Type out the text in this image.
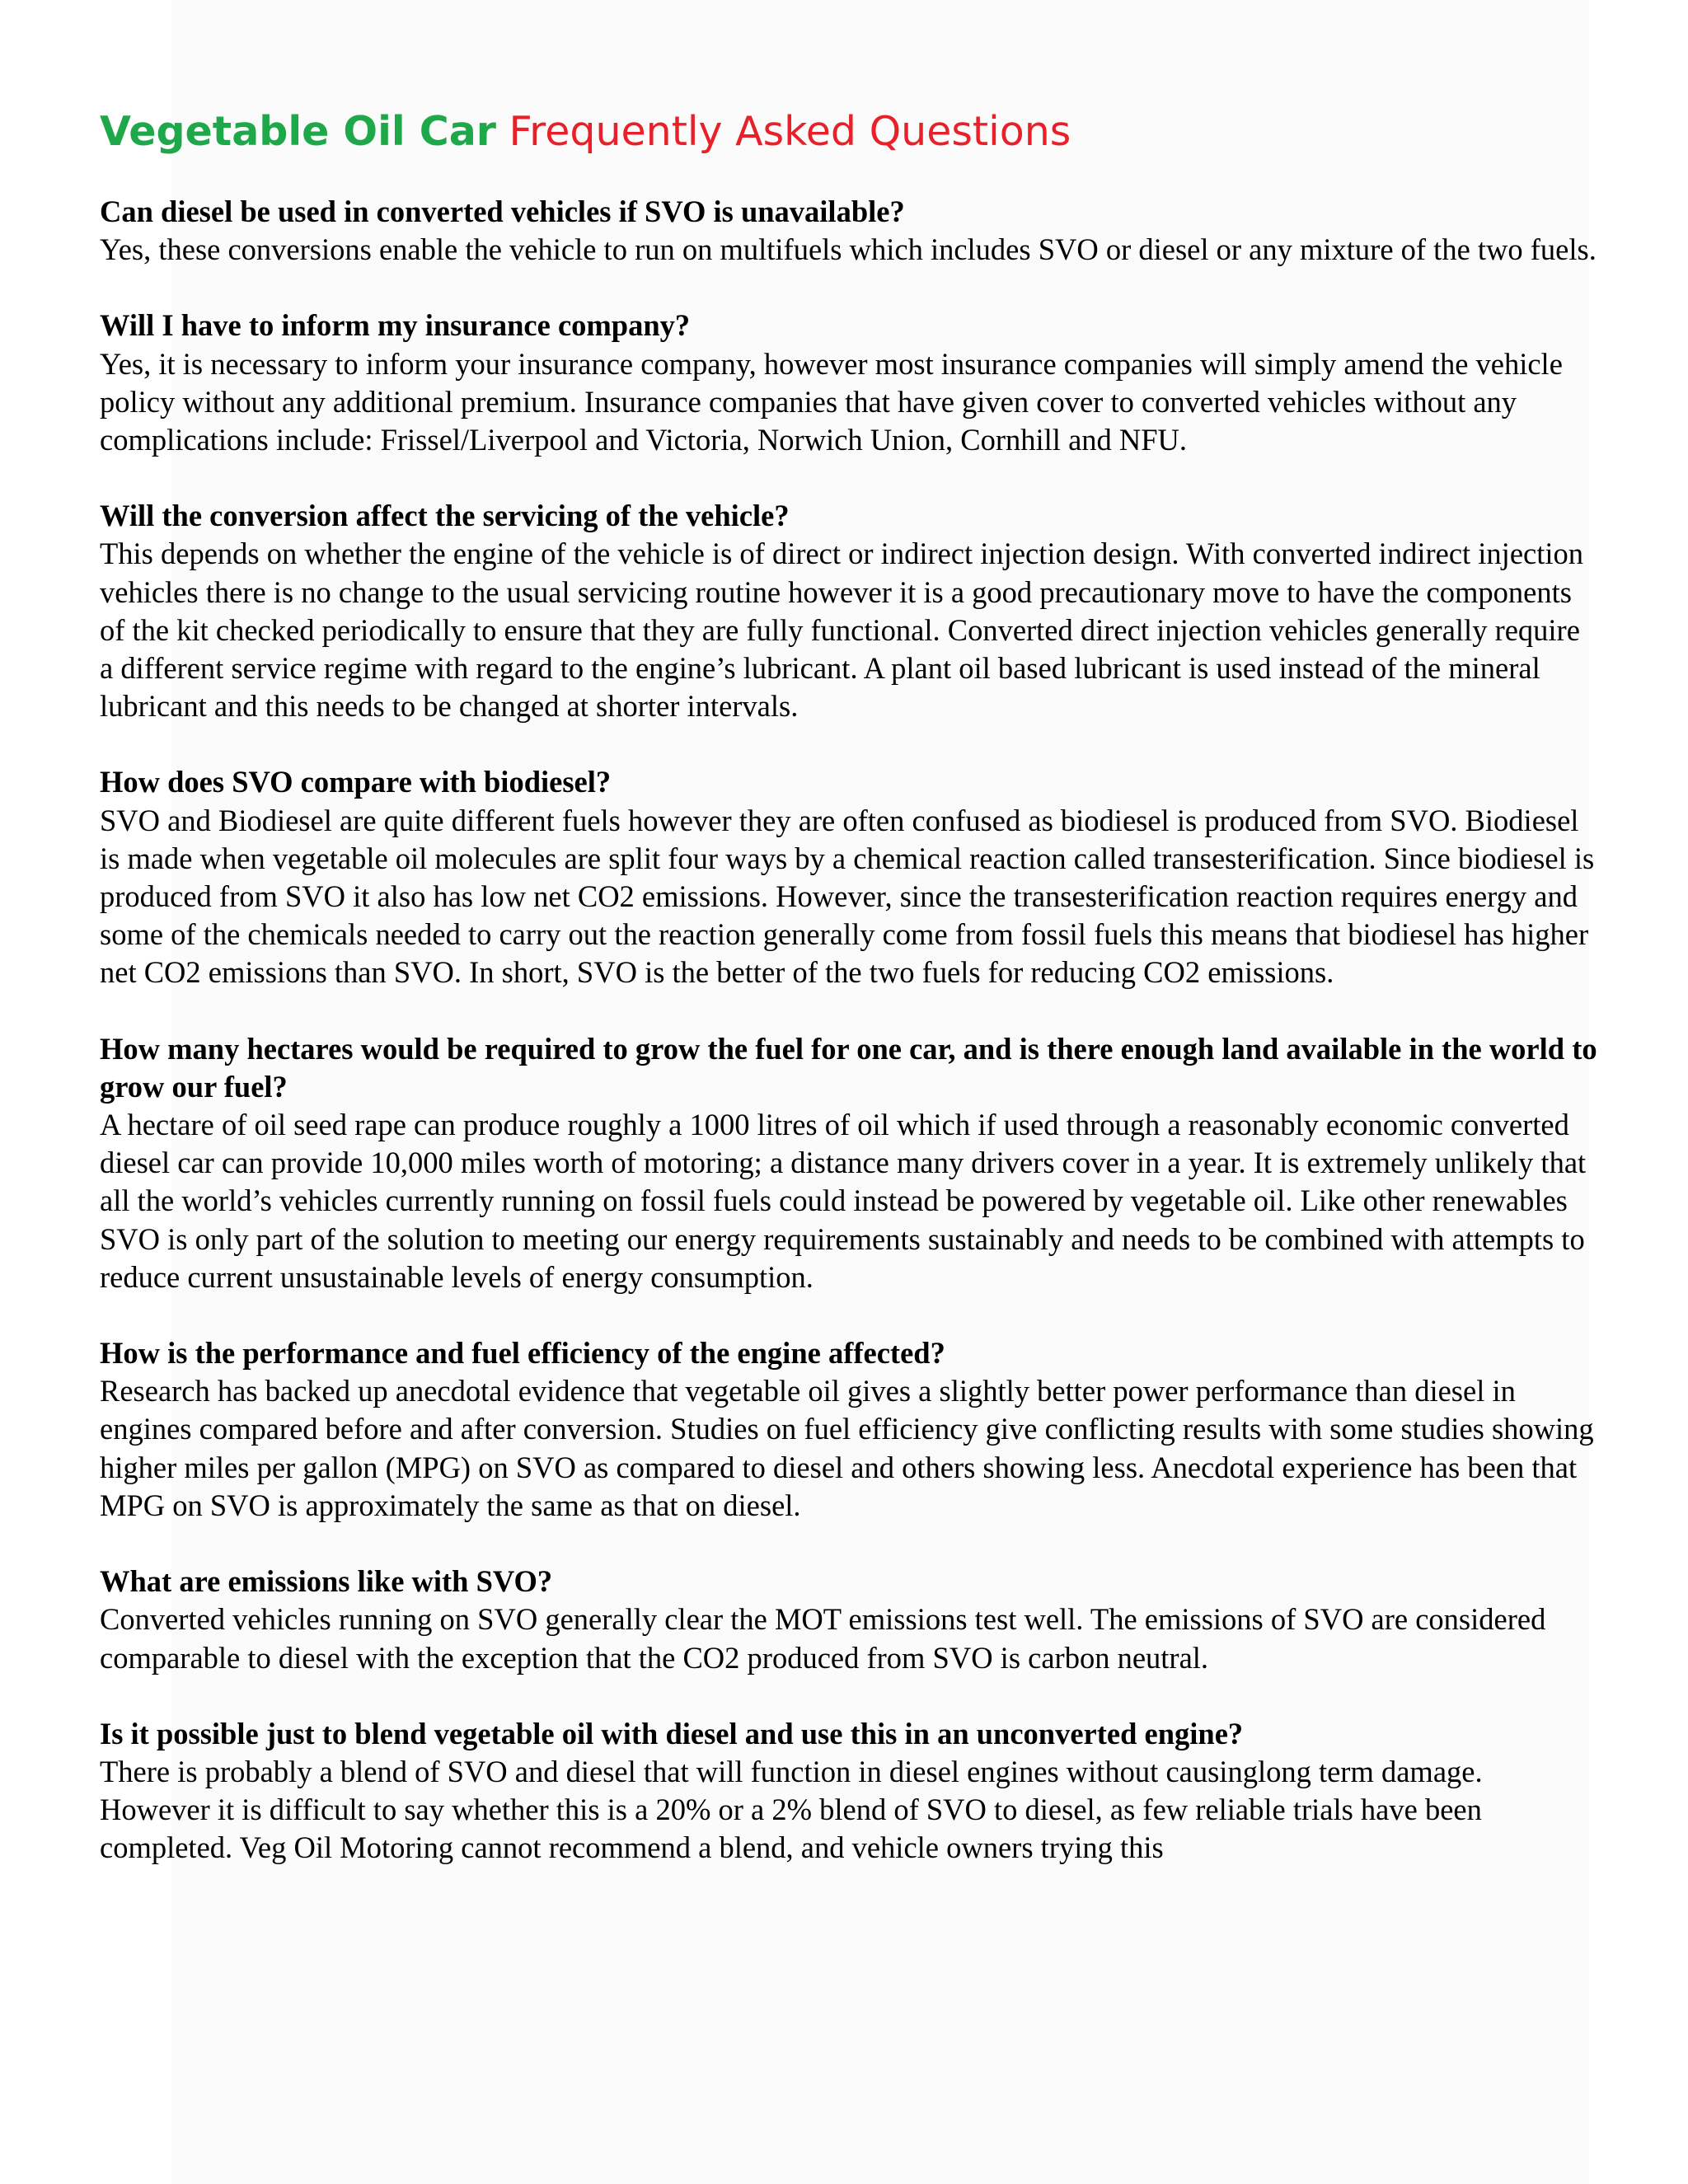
Vegetable Oil Car Frequently Asked Questions

Can diesel be used in converted vehicles if SVO is unavailable?

Yes, these conversions enable the vehicle to run on multifuels which includes SVO or diesel or any mixture of the two fuels.

Will I have to inform my insurance company?

Yes, it is necessary to inform your insurance company, however most insurance companies will simply amend the vehicle policy without any additional premium. Insurance companies that have given cover to converted vehicles without any complications include: Frissel/Liverpool and Victoria, Norwich Union, Cornhill and NFU.

Will the conversion affect the servicing of the vehicle?

This depends on whether the engine of the vehicle is of direct or indirect injection design. With converted indirect injection vehicles there is no change to the usual servicing routine however it is a good precautionary move to have the components of the kit checked periodically to ensure that they are fully functional. Converted direct injection vehicles generally require a different service regime with regard to the engine’s lubricant. A plant oil based lubricant is used instead of the mineral lubricant and this needs to be changed at shorter intervals.

How does SVO compare with biodiesel?

SVO and Biodiesel are quite different fuels however they are often confused as biodiesel is produced from SVO. Biodiesel is made when vegetable oil molecules are split four ways by a chemical reaction called transesterification. Since biodiesel is produced from SVO it also has low net CO2 emissions. However, since the transesterification reaction requires energy and some of the chemicals needed to carry out the reaction generally come from fossil fuels this means that biodiesel has higher net CO2 emissions than SVO. In short, SVO is the better of the two fuels for reducing CO2 emissions.

How many hectares would be required to grow the fuel for one car, and is there enough land available in the world to grow our fuel?

A hectare of oil seed rape can produce roughly a 1000 litres of oil which if used through a reasonably economic converted diesel car can provide 10,000 miles worth of motoring; a distance many drivers cover in a year. It is extremely unlikely that all the world’s vehicles currently running on fossil fuels could instead be powered by vegetable oil. Like other renewables SVO is only part of the solution to meeting our energy requirements sustainably and needs to be combined with attempts to reduce current unsustainable levels of energy consumption.

How is the performance and fuel efficiency of the engine affected?

Research has backed up anecdotal evidence that vegetable oil gives a slightly better power performance than diesel in engines compared before and after conversion. Studies on fuel efficiency give conflicting results with some studies showing higher miles per gallon (MPG) on SVO as compared to diesel and others showing less. Anecdotal experience has been that MPG on SVO is approximately the same as that on diesel.

What are emissions like with SVO?

Converted vehicles running on SVO generally clear the MOT emissions test well. The emissions of SVO are considered comparable to diesel with the exception that the CO2 produced from SVO is carbon neutral.

Is it possible just to blend vegetable oil with diesel and use this in an unconverted engine?

There is probably a blend of SVO and diesel that will function in diesel engines without causinglong term damage. However it is difficult to say whether this is a 20% or a 2% blend of SVO to diesel, as few reliable trials have been completed. Veg Oil Motoring cannot recommend a blend, and vehicle owners trying this
